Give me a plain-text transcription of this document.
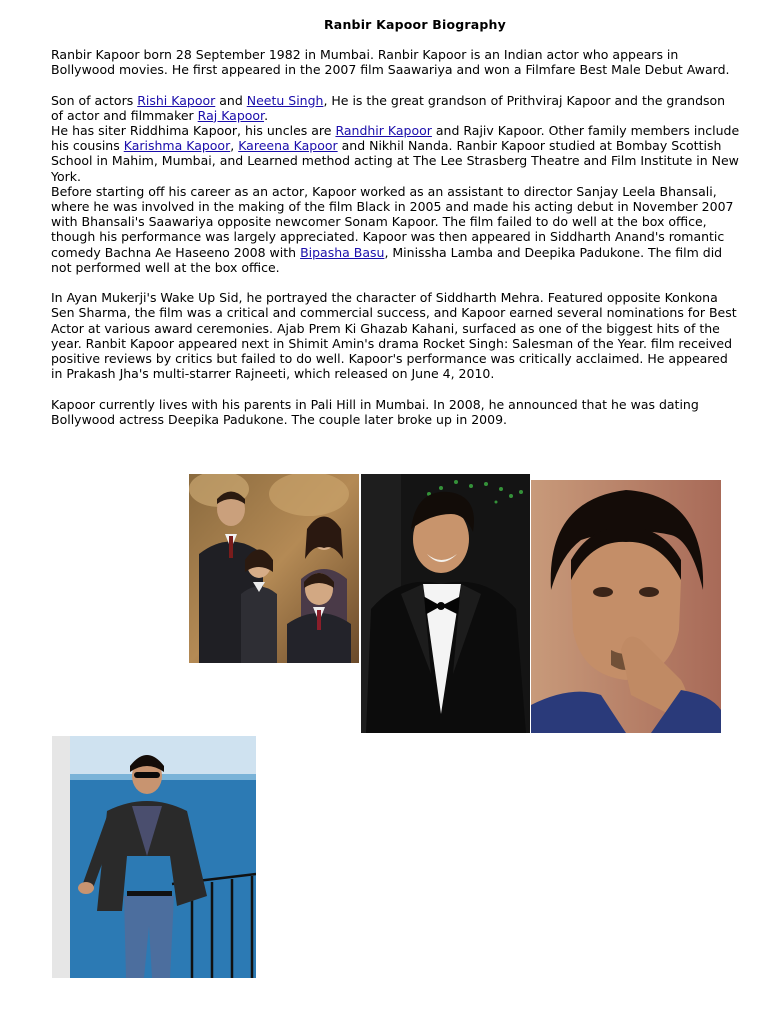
Ranbir Kapoor Biography

Ranbir Kapoor born 28 September 1982 in Mumbai. Ranbir Kapoor is an Indian actor who appears in Bollywood movies. He first appeared in the 2007 film Saawariya and won a Filmfare Best Male Debut Award.

Son of actors Rishi Kapoor and Neetu Singh, He is the great grandson of Prithviraj Kapoor and the grandson of actor and filmmaker Raj Kapoor.

He has siter Riddhima Kapoor, his uncles are Randhir Kapoor and Rajiv Kapoor. Other family members include his cousins Karishma Kapoor, Kareena Kapoor and Nikhil Nanda. Ranbir Kapoor studied at Bombay Scottish School in Mahim, Mumbai, and Learned method acting at The Lee Strasberg Theatre and Film Institute in New York.

Before starting off his career as an actor, Kapoor worked as an assistant to director Sanjay Leela Bhansali, where he was involved in the making of the film Black in 2005 and made his acting debut in November 2007 with Bhansali's Saawariya opposite newcomer Sonam Kapoor. The film failed to do well at the box office, though his performance was largely appreciated. Kapoor was then appeared in Siddharth Anand's romantic comedy Bachna Ae Haseeno 2008 with Bipasha Basu, Minissha Lamba and Deepika Padukone. The film did not performed well at the box office.

In Ayan Mukerji's Wake Up Sid, he portrayed the character of Siddharth Mehra. Featured opposite Konkona Sen Sharma, the film was a critical and commercial success, and Kapoor earned several nominations for Best Actor at various award ceremonies. Ajab Prem Ki Ghazab Kahani, surfaced as one of the biggest hits of the year. Ranbit Kapoor appeared next in Shimit Amin's drama Rocket Singh: Salesman of the Year. film received positive reviews by critics but failed to do well. Kapoor's performance was critically acclaimed. He appeared in Prakash Jha's multi-starrer Rajneeti, which released on June 4, 2010.

Kapoor currently lives with his parents in Pali Hill in Mumbai. In 2008, he announced that he was dating Bollywood actress Deepika Padukone. The couple later broke up in 2009.
